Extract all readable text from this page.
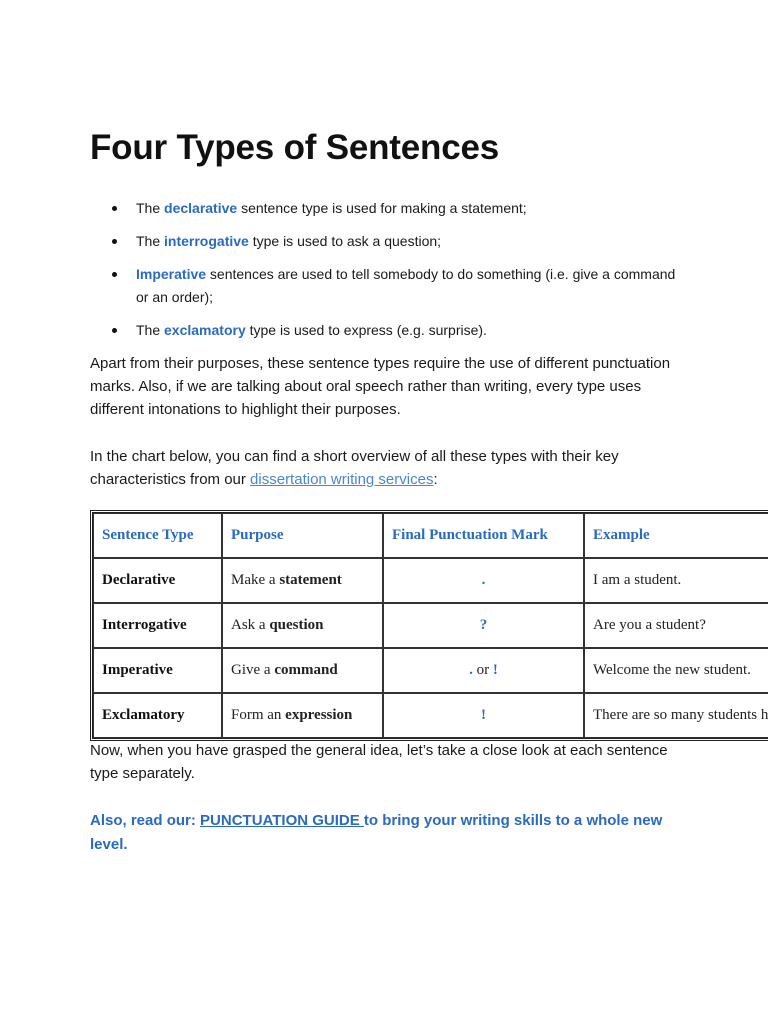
Four Types of Sentences
The declarative sentence type is used for making a statement;
The interrogative type is used to ask a question;
Imperative sentences are used to tell somebody to do something (i.e. give a command or an order);
The exclamatory type is used to express (e.g. surprise).

Apart from their purposes, these sentence types require the use of different punctuation marks. Also, if we are talking about oral speech rather than writing, every type uses different intonations to highlight their purposes.

In the chart below, you can find a short overview of all these types with their key characteristics from our dissertation writing services:

Sentence Type	Purpose	Final Punctuation Mark	Example
Declarative	Make a statement	.	I am a student.
Interrogative	Ask a question	?	Are you a student?
Imperative	Give a command	. or !	Welcome the new student.
Exclamatory	Form an expression	!	There are so many students h

Now, when you have grasped the general idea, let’s take a close look at each sentence type separately.

Also, read our: PUNCTUATION GUIDE to bring your writing skills to a whole new level.
